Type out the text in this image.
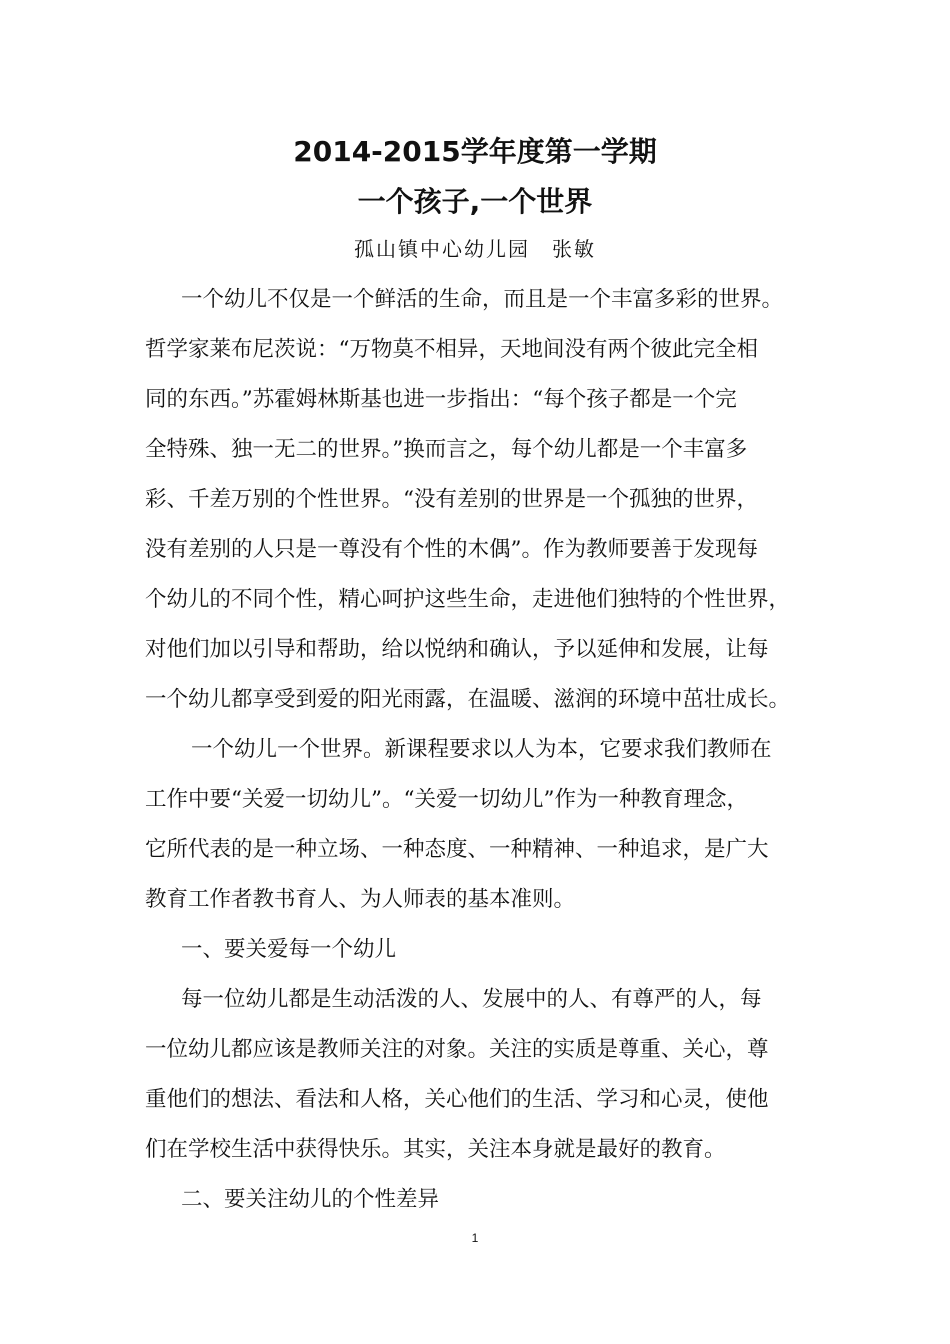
2014-2015学年度第一学期
一个孩子,一个世界
孤山镇中心幼儿园　张敏
一个幼儿不仅是一个鲜活的生命，而且是一个丰富多彩的世界。
哲学家莱布尼茨说：“万物莫不相异，天地间没有两个彼此完全相
同的东西。”苏霍姆林斯基也进一步指出：“每个孩子都是一个完
全特殊、独一无二的世界。”换而言之，每个幼儿都是一个丰富多
彩、千差万别的个性世界。“没有差别的世界是一个孤独的世界，
没有差别的人只是一尊没有个性的木偶”。作为教师要善于发现每
个幼儿的不同个性，精心呵护这些生命，走进他们独特的个性世界，
对他们加以引导和帮助，给以悦纳和确认，予以延伸和发展，让每
一个幼儿都享受到爱的阳光雨露，在温暖、滋润的环境中茁壮成长。
一个幼儿一个世界。新课程要求以人为本，它要求我们教师在
工作中要“关爱一切幼儿”。“关爱一切幼儿”作为一种教育理念，
它所代表的是一种立场、一种态度、一种精神、一种追求，是广大
教育工作者教书育人、为人师表的基本准则。
一、要关爱每一个幼儿
每一位幼儿都是生动活泼的人、发展中的人、有尊严的人，每
一位幼儿都应该是教师关注的对象。关注的实质是尊重、关心，尊
重他们的想法、看法和人格，关心他们的生活、学习和心灵，使他
们在学校生活中获得快乐。其实，关注本身就是最好的教育。
二、要关注幼儿的个性差异
1
